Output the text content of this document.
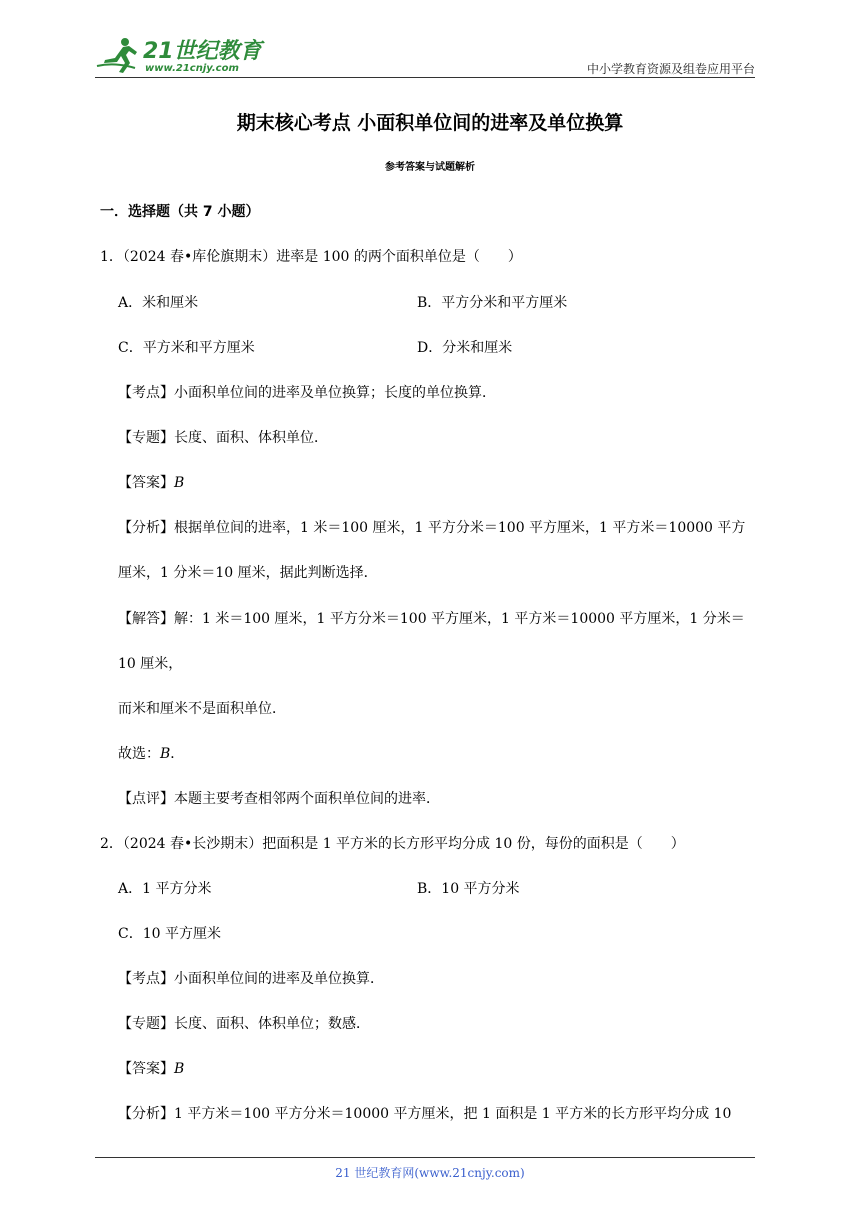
21世纪教育
www.21cnjy.com	中小学教育资源及组卷应用平台
期末核心考点 小面积单位间的进率及单位换算
参考答案与试题解析
一．选择题（共 7 小题）
1．（2024 春•库伦旗期末）进率是 100 的两个面积单位是（　　）
A．米和厘米	B．平方分米和平方厘米
C．平方米和平方厘米	D．分米和厘米
【考点】小面积单位间的进率及单位换算；长度的单位换算．
【专题】长度、面积、体积单位．
【答案】B
【分析】根据单位间的进率，1 米＝100 厘米，1 平方分米＝100 平方厘米，1 平方米＝10000 平方
厘米，1 分米＝10 厘米，据此判断选择．
【解答】解：1 米＝100 厘米，1 平方分米＝100 平方厘米，1 平方米＝10000 平方厘米，1 分米＝
10 厘米，
而米和厘米不是面积单位．
故选：B．
【点评】本题主要考查相邻两个面积单位间的进率．
2．（2024 春•长沙期末）把面积是 1 平方米的长方形平均分成 10 份，每份的面积是（　　）
A．1 平方分米	B．10 平方分米
C．10 平方厘米
【考点】小面积单位间的进率及单位换算．
【专题】长度、面积、体积单位；数感．
【答案】B
【分析】1 平方米＝100 平方分米＝10000 平方厘米，把 1 面积是 1 平方米的长方形平均分成 10
21 世纪教育网(www.21cnjy.com)
